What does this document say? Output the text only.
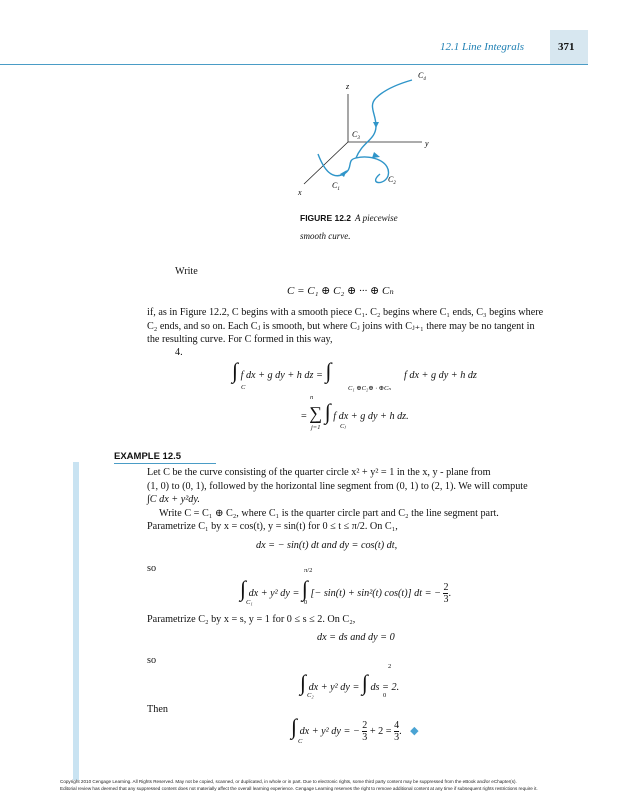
12.1 Line Integrals	371
z
y
x
$C_1$
$C_2$
$C_3$
$C_4$
FIGURE 12.2 A piecewise
smooth curve.
Write
C = C₁ ⊕ C₂ ⊕ ··· ⊕ Cₙ
if, as in Figure 12.2, C begins with a smooth piece C₁. C₂ begins where C₁ ends, C₃ begins where
C₂ ends, and so on. Each Cⱼ is smooth, but where Cⱼ joins with Cⱼ₊₁ there may be no tangent in
the resulting curve. For C formed in this way,
4.
∫ f dx + g dy + h dz = ∫	f dx + g dy + h dz
C	C₁ ⊕C₂⊕ · ⊕Cₙ
n
= ∑ ∫ f dx + g dy + h dz.
j=1	Cⱼ
EXAMPLE 12.5
Let C be the curve consisting of the quarter circle x² + y² = 1 in the x, y - plane from
(1, 0) to (0, 1), followed by the horizontal line segment from (0, 1) to (2, 1). We will compute
∫C dx + y²dy.
Write C = C₁ ⊕ C₂, where C₁ is the quarter circle part and C₂ the line segment part.
Parametrize C₁ by x = cos(t), y = sin(t) for 0 ≤ t ≤ π/2. On C₁,
dx = − sin(t) dt and dy = cos(t) dt,
so	π/2
∫ dx + y² dy = ∫ [− sin(t) + sin²(t) cos(t)] dt = − $\frac{2}{3}$ .
C₁	0
Parametrize C₂ by x = s, y = 1 for 0 ≤ s ≤ 2. On C₂,
dx = ds and dy = 0
so
2
∫ dx + y² dy = ∫ ds = 2.
C₂	0
Then
∫ dx + y² dy = − $\frac{2}{3} + 2 = \frac{4}{3}$ . ◆
C
Copyright 2010 Cengage Learning. All Rights Reserved. May not be copied, scanned, or duplicated, in whole or in part. Due to electronic rights, some third party content may be suppressed from the eBook and/or eChapter(s).
Editorial review has deemed that any suppressed content does not materially affect the overall learning experience. Cengage Learning reserves the right to remove additional content at any time if subsequent rights restrictions require it.
